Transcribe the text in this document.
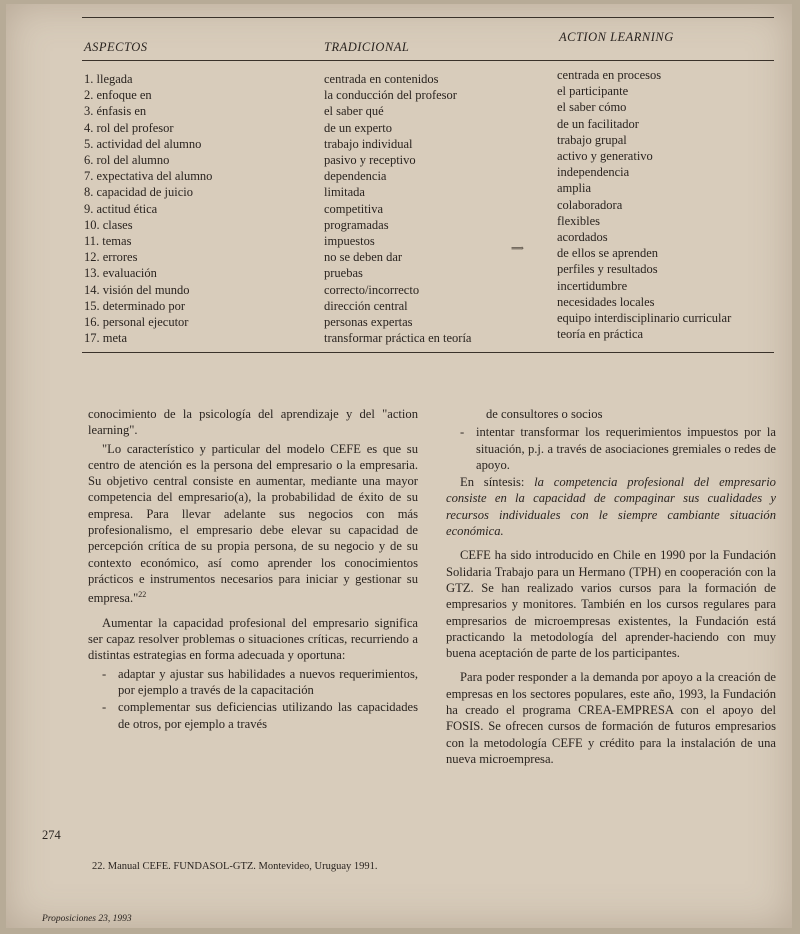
ASPECTOS	TRADICIONAL
ACTION LEARNING
1. llegada
2. enfoque en
3. énfasis en
4. rol del profesor
5. actividad del alumno
6. rol del alumno
7. expectativa del alumno
8. capacidad de juicio
9. actitud ética
10. clases
11. temas
12. errores
13. evaluación
14. visión del mundo
15. determinado por
16. personal ejecutor
17. meta
centrada en contenidos
la conducción del profesor
el saber qué
de un experto
trabajo individual
pasivo y receptivo
dependencia
limitada
competitiva
programadas
impuestos
no se deben dar
pruebas
correcto/incorrecto
dirección central
personas expertas
transformar práctica en teoría
centrada en procesos
el participante
el saber cómo
de un facilitador
trabajo grupal
activo y generativo
independencia
amplia
colaboradora
flexibles
acordados
de ellos se aprenden
perfiles y resultados
incertidumbre
necesidades locales
equipo interdisciplinario curricular
teoría en práctica
⟹

conocimiento de la psicología del aprendizaje y del "action learning".

"Lo característico y particular del modelo CEFE es que su centro de atención es la persona del empresario o la empresaria. Su objetivo central consiste en aumentar, mediante una mayor competencia del empresario(a), la probabilidad de éxito de su empresa. Para llevar adelante sus negocios con más profesionalismo, el empresario debe elevar su capacidad de percepción crítica de su propia persona, de su negocio y de su contexto económico, así como aprender los conocimientos prácticos e instrumentos necesarios para iniciar y gestionar su empresa."$^{22}$

Aumentar la capacidad profesional del empresario significa ser capaz resolver problemas o situaciones críticas, recurriendo a distintas estrategias en forma adecuada y oportuna:

- adaptar y ajustar sus habilidades a nuevos requerimientos, por ejemplo a través de la capacitación
- complementar sus deficiencias utilizando las capacidades de otros, por ejemplo a través

de consultores o socios

- intentar transformar los requerimientos impuestos por la situación, p.j. a través de asociaciones gremiales o redes de apoyo.

En síntesis: la competencia profesional del empresario consiste en la capacidad de compaginar sus cualidades y recursos individuales con le siempre cambiante situación económica.

CEFE ha sido introducido en Chile en 1990 por la Fundación Solidaria Trabajo para un Hermano (TPH) en cooperación con la GTZ. Se han realizado varios cursos para la formación de empresarios y monitores. También en los cursos regulares para empresarios de microempresas existentes, la Fundación está practicando la metodología del aprender-haciendo con muy buena aceptación de parte de los participantes.

Para poder responder a la demanda por apoyo a la creación de empresas en los sectores populares, este año, 1993, la Fundación ha creado el programa CREA-EMPRESA con el apoyo del FOSIS. Se ofrecen cursos de formación de futuros empresarios con la metodología CEFE y crédito para la instalación de una nueva microempresa.

274
22. Manual CEFE. FUNDASOL-GTZ. Montevideo, Uruguay 1991.
Proposiciones 23, 1993
